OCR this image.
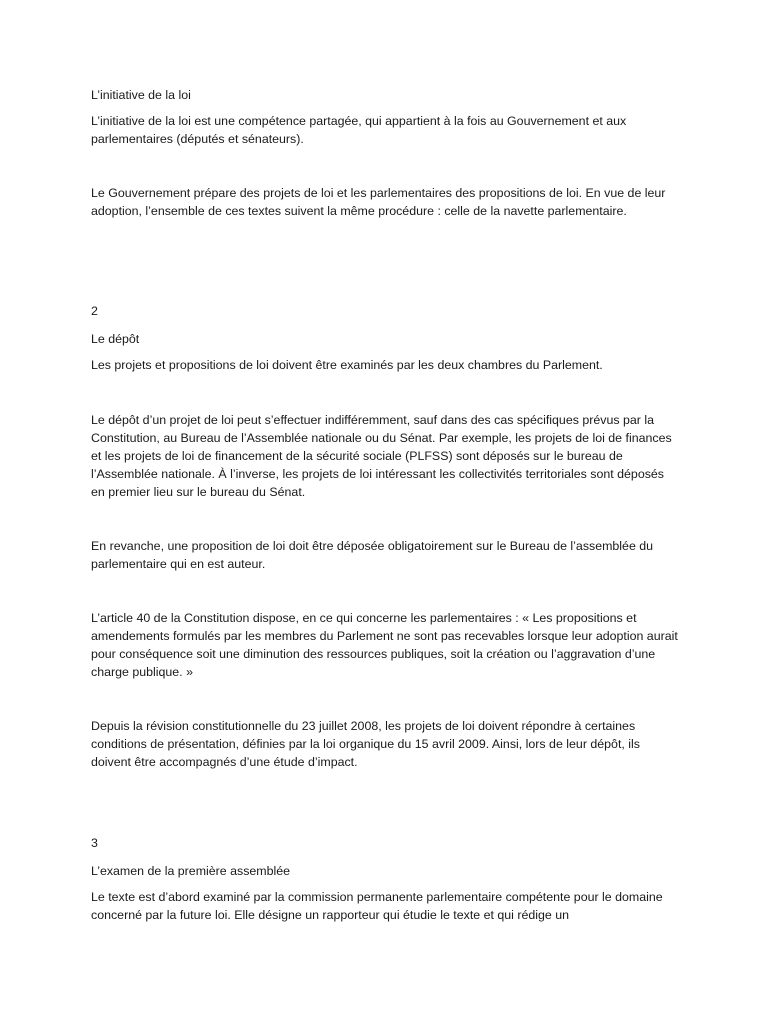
L’initiative de la loi

L’initiative de la loi est une compétence partagée, qui appartient à la fois au Gouvernement et aux parlementaires (députés et sénateurs).

Le Gouvernement prépare des projets de loi et les parlementaires des propositions de loi. En vue de leur adoption, l’ensemble de ces textes suivent la même procédure : celle de la navette parlementaire.

2

Le dépôt

Les projets et propositions de loi doivent être examinés par les deux chambres du Parlement.

Le dépôt d’un projet de loi peut s’effectuer indifféremment, sauf dans des cas spécifiques prévus par la Constitution, au Bureau de l’Assemblée nationale ou du Sénat. Par exemple, les projets de loi de finances et les projets de loi de financement de la sécurité sociale (PLFSS) sont déposés sur le bureau de l’Assemblée nationale. À l’inverse, les projets de loi intéressant les collectivités territoriales sont déposés en premier lieu sur le bureau du Sénat.

En revanche, une proposition de loi doit être déposée obligatoirement sur le Bureau de l’assemblée du parlementaire qui en est auteur.

L’article 40 de la Constitution dispose, en ce qui concerne les parlementaires : « Les propositions et amendements formulés par les membres du Parlement ne sont pas recevables lorsque leur adoption aurait pour conséquence soit une diminution des ressources publiques, soit la création ou l’aggravation d’une charge publique. »

Depuis la révision constitutionnelle du 23 juillet 2008, les projets de loi doivent répondre à certaines conditions de présentation, définies par la loi organique du 15 avril 2009. Ainsi, lors de leur dépôt, ils doivent être accompagnés d’une étude d’impact.

3

L’examen de la première assemblée

Le texte est d’abord examiné par la commission permanente parlementaire compétente pour le domaine concerné par la future loi. Elle désigne un rapporteur qui étudie le texte et qui rédige un
